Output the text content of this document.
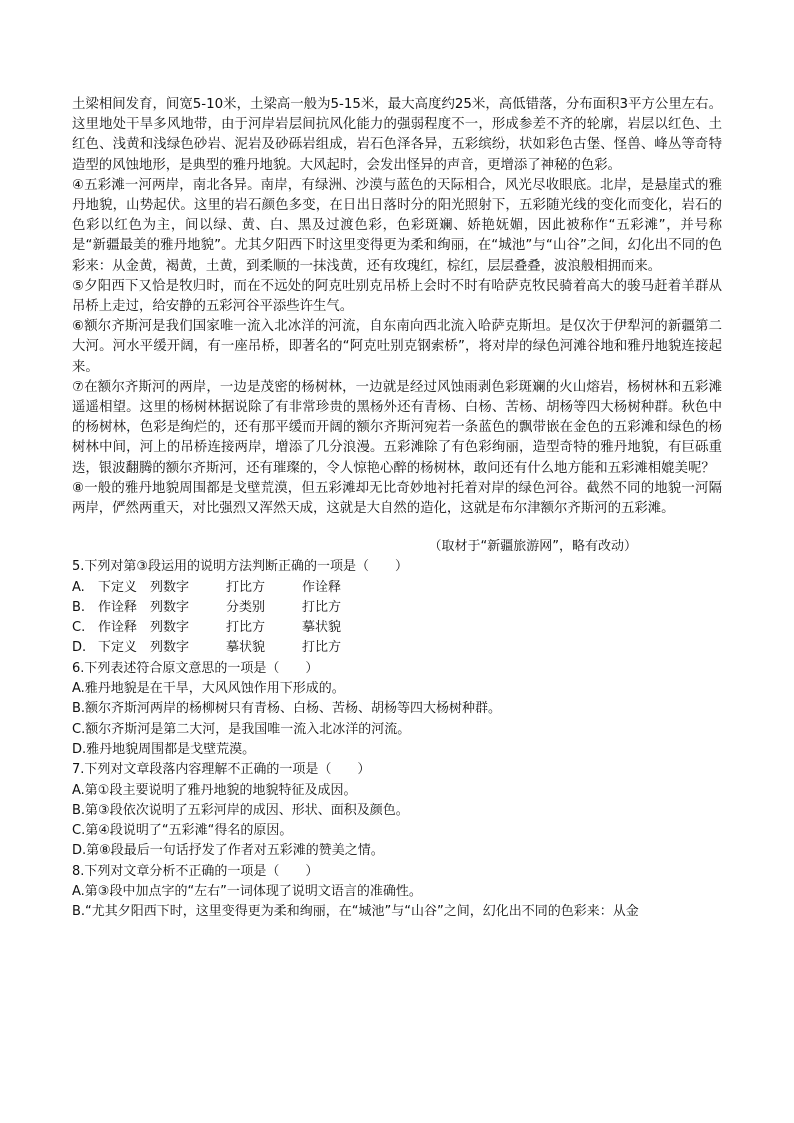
土梁相间发育，间宽5-10米，土梁高一般为5-15米，最大高度约25米，高低错落，分布面积3平方公里左右。这里地处干旱多风地带，由于河岸岩层间抗风化能力的强弱程度不一，形成参差不齐的轮廓，岩层以红色、土红色、浅黄和浅绿色砂岩、泥岩及砂砾岩组成，岩石色泽各异，五彩缤纷，状如彩色古堡、怪兽、峰丛等奇特造型的风蚀地形，是典型的雅丹地貌。大风起时，会发出怪异的声音，更增添了神秘的色彩。

④五彩滩一河两岸，南北各异。南岸，有绿洲、沙漠与蓝色的天际相合，风光尽收眼底。北岸，是悬崖式的雅丹地貌，山势起伏。这里的岩石颜色多变，在日出日落时分的阳光照射下，五彩随光线的变化而变化，岩石的色彩以红色为主，间以绿、黄、白、黑及过渡色彩，色彩斑斓、娇艳妩媚，因此被称作“五彩滩”，并号称是“新疆最美的雅丹地貌”。尤其夕阳西下时这里变得更为柔和绚丽，在“城池”与“山谷”之间，幻化出不同的色彩来：从金黄，褐黄，土黄，到柔顺的一抹浅黄，还有玫瑰红，棕红，层层叠叠，波浪般相拥而来。

⑤夕阳西下又恰是牧归时，而在不远处的阿克吐别克吊桥上会时不时有哈萨克牧民骑着高大的骏马赶着羊群从吊桥上走过，给安静的五彩河谷平添些许生气。

⑥额尔齐斯河是我们国家唯一流入北冰洋的河流，自东南向西北流入哈萨克斯坦。是仅次于伊犁河的新疆第二大河。河水平缓开阔，有一座吊桥，即著名的“阿克吐别克钢索桥”，将对岸的绿色河滩谷地和雅丹地貌连接起来。

⑦在额尔齐斯河的两岸，一边是茂密的杨树林，一边就是经过风蚀雨剥色彩斑斓的火山熔岩，杨树林和五彩滩遥遥相望。这里的杨树林据说除了有非常珍贵的黑杨外还有青杨、白杨、苦杨、胡杨等四大杨树种群。秋色中的杨树林，色彩是绚烂的，还有那平缓而开阔的额尔齐斯河宛若一条蓝色的飘带嵌在金色的五彩滩和绿色的杨树林中间，河上的吊桥连接两岸，增添了几分浪漫。五彩滩除了有色彩绚丽，造型奇特的雅丹地貌，有巨砾重迭，银波翻腾的额尔齐斯河，还有璀璨的，令人惊艳心醉的杨树林，敢问还有什么地方能和五彩滩相媲美呢？

⑧一般的雅丹地貌周围都是戈壁荒漠，但五彩滩却无比奇妙地衬托着对岸的绿色河谷。截然不同的地貌一河隔两岸，俨然两重天，对比强烈又浑然天成，这就是大自然的造化，这就是布尔津额尔齐斯河的五彩滩。

（取材于“新疆旅游网”，略有改动）

5.下列对第③段运用的说明方法判断正确的一项是（　　）

A.	下定义 列数字	打比方	作诠释
B. 作诠释 列数字	分类别	打比方
C. 作诠释 列数字	打比方	摹状貌
D. 下定义 列数字	摹状貌	打比方

6.下列表述符合原文意思的一项是（　　）

A.雅丹地貌是在干旱，大风风蚀作用下形成的。

B.额尔齐斯河两岸的杨柳树只有青杨、白杨、苦杨、胡杨等四大杨树种群。

C.额尔齐斯河是第二大河，是我国唯一流入北冰洋的河流。

D.雅丹地貌周围都是戈壁荒漠。

7.下列对文章段落内容理解不正确的一项是（　　）

A.第①段主要说明了雅丹地貌的地貌特征及成因。

B.第③段依次说明了五彩河岸的成因、形状、面积及颜色。

C.第④段说明了“五彩滩“得名的原因。

D.第⑧段最后一句话抒发了作者对五彩滩的赞美之情。

8.下列对文章分析不正确的一项是（　　）

A.第③段中加点字的“左右”一词体现了说明文语言的准确性。

B.“尤其夕阳西下时，这里变得更为柔和绚丽，在“城池”与“山谷”之间，幻化出不同的色彩来：从金
